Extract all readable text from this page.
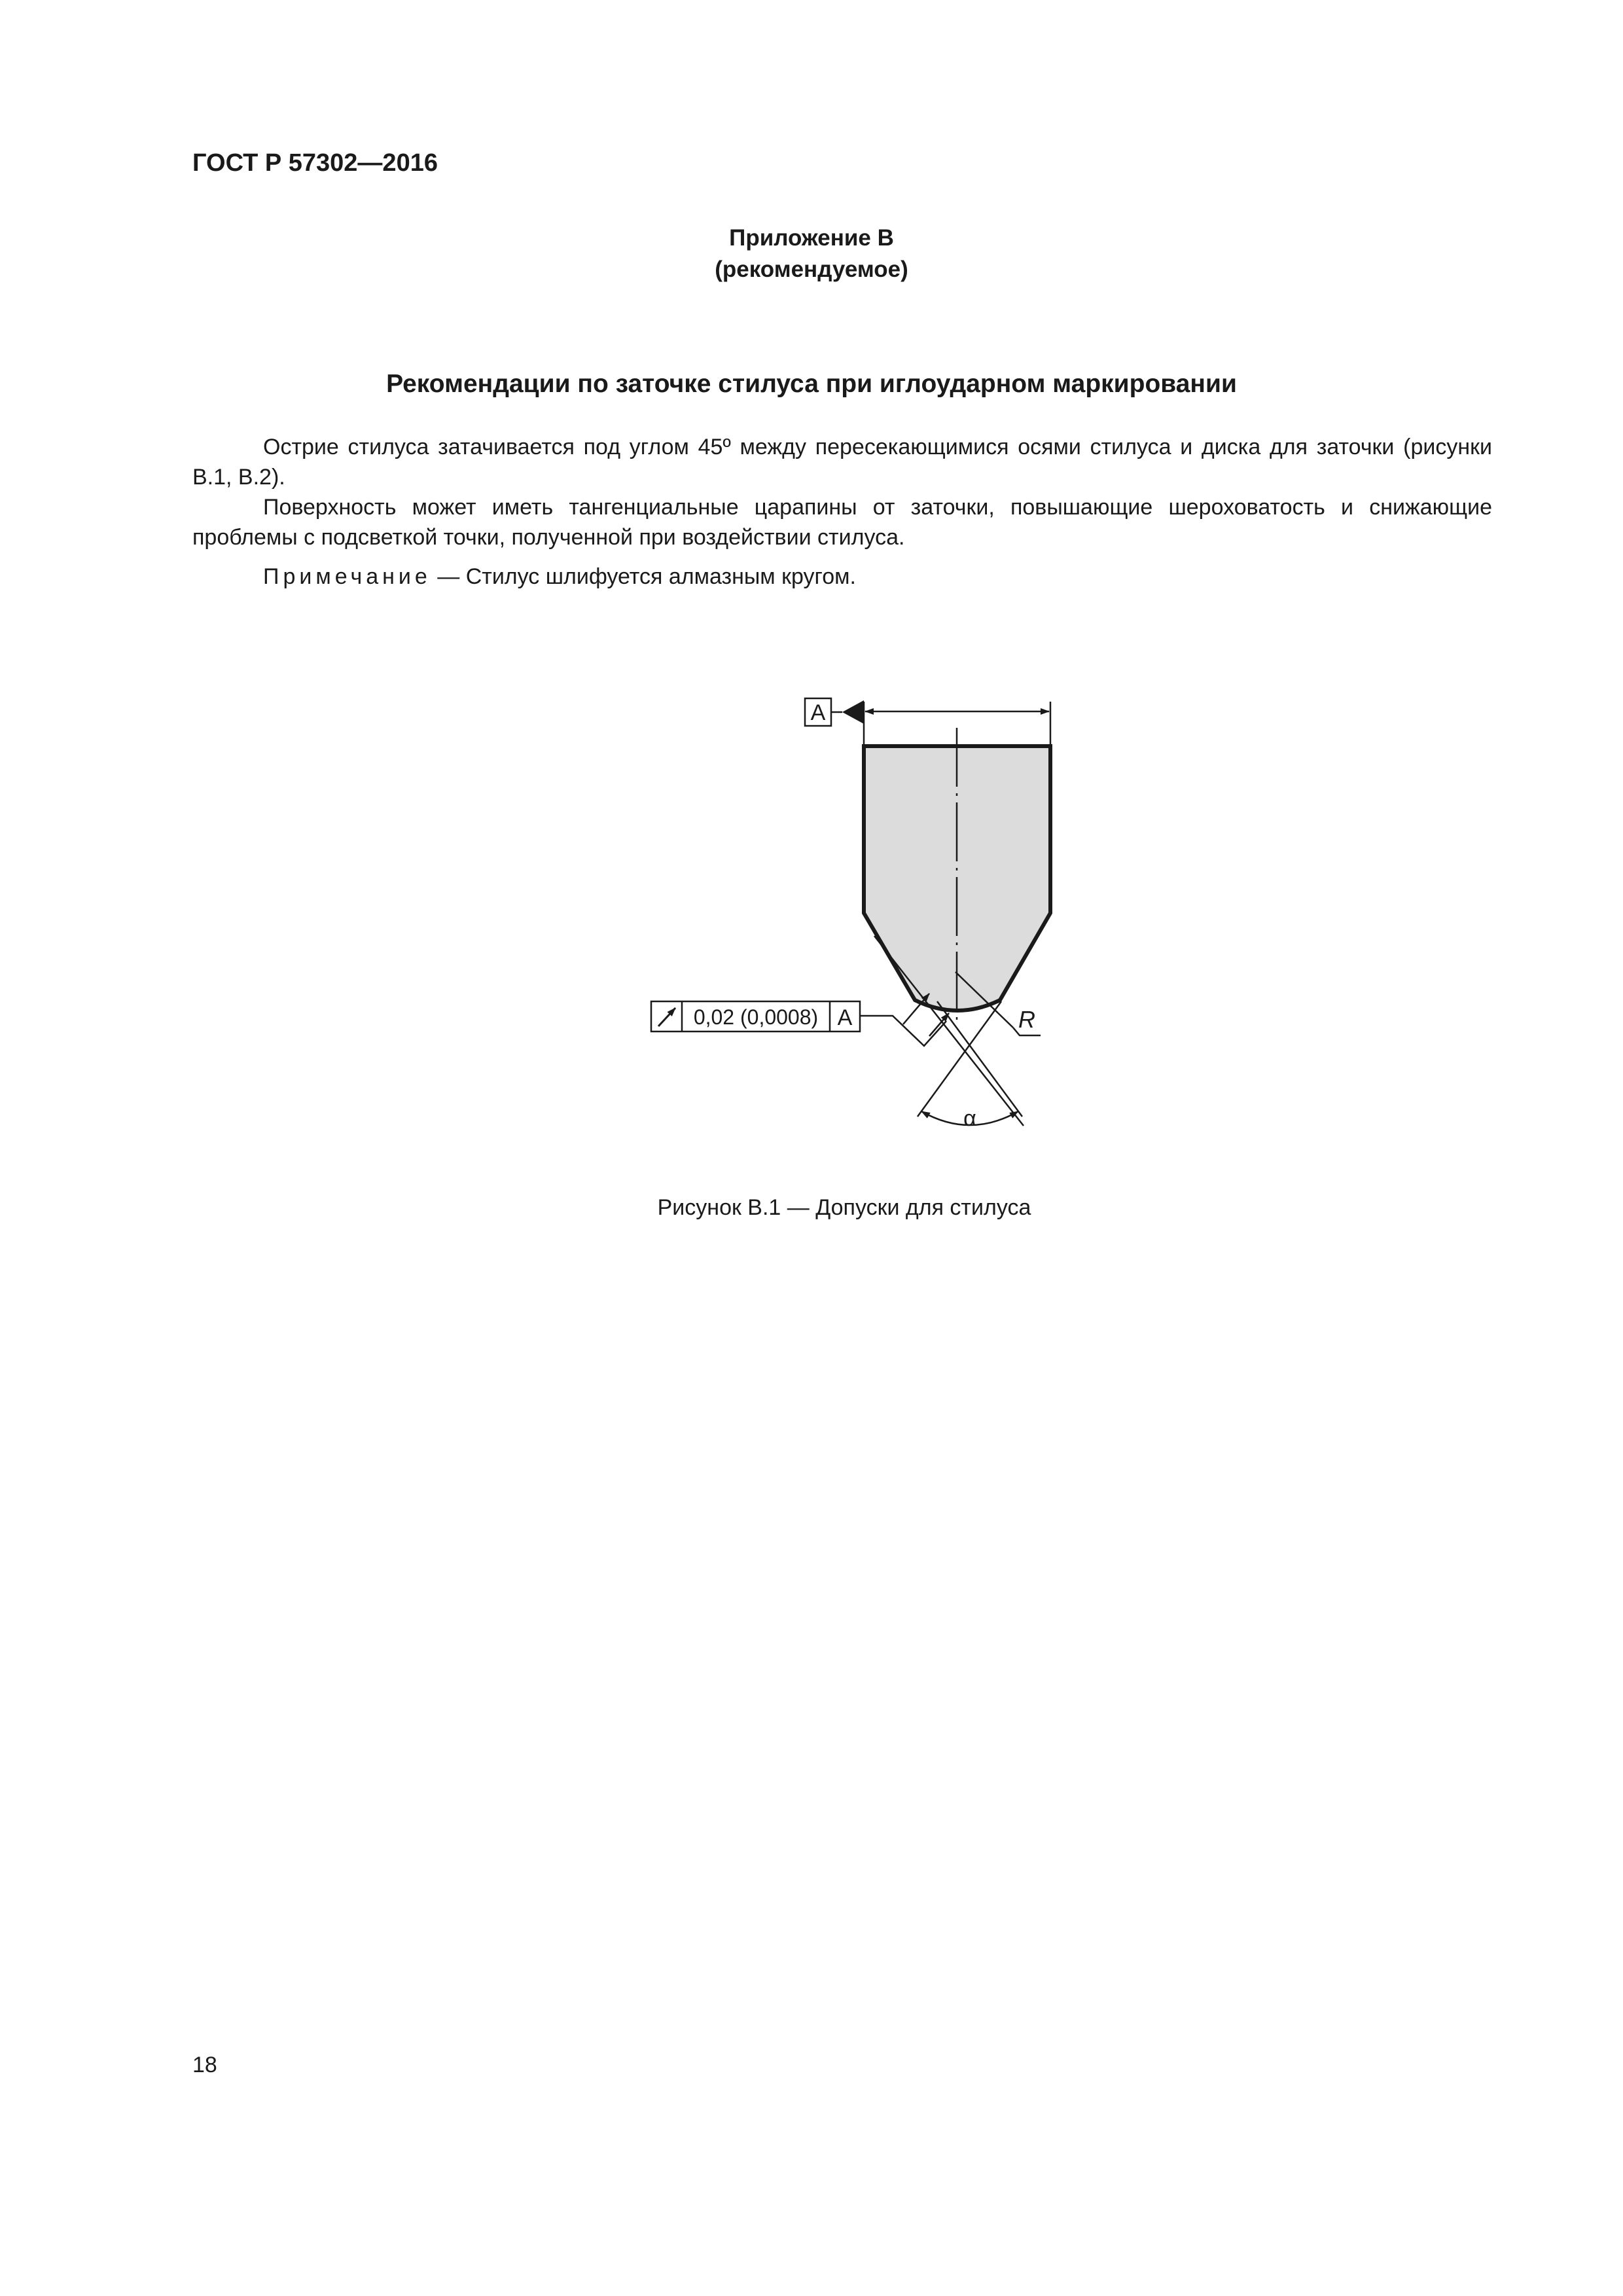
ГОСТ Р 57302—2016
Приложение В
(рекомендуемое)
Рекомендации по заточке стилуса при иглоударном маркировании

Острие стилуса затачивается под углом 45º между пересекающимися осями стилуса и диска для заточки (рисунки В.1, В.2).

Поверхность может иметь тангенциальные царапины от заточки, повышающие шероховатость и снижающие проблемы с подсветкой точки, полученной при воздействии стилуса.

Примечание — Стилус шлифуется алмазным кругом.
A
α
R
0,02 (0,0008) A
Рисунок В.1 — Допуски для стилуса
18
